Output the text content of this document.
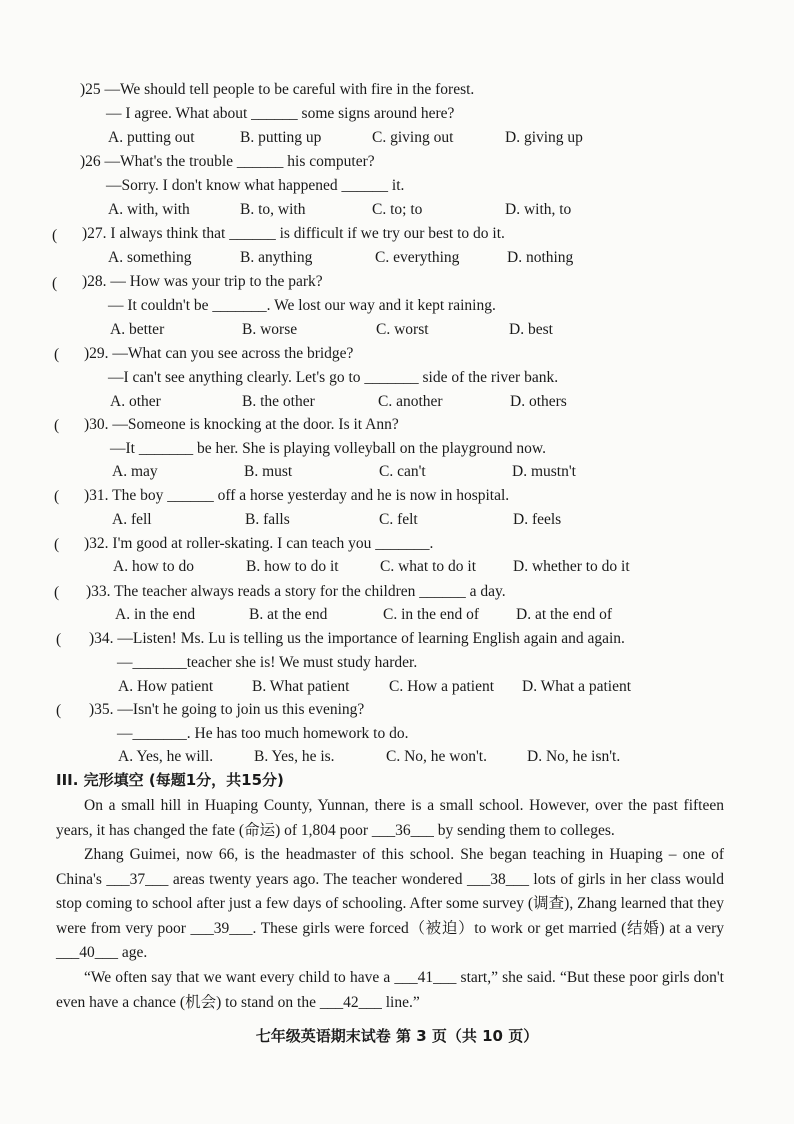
)25 —We should tell people to be careful with fire in the forest.
— I agree. What about ______ some signs around here?
A. putting out	B. putting up	C. giving out	D. giving up
)26 —What's the trouble ______ his computer?
—Sorry. I don't know what happened ______ it.
A. with, with	B. to, with	C. to; to	D. with, to
( )27. I always think that ______ is difficult if we try our best to do it.
A. something	B. anything	C. everything	D. nothing
( )28. — How was your trip to the park?
— It couldn't be _______. We lost our way and it kept raining.
A. better	B. worse	C. worst	D. best
( )29. —What can you see across the bridge?
—I can't see anything clearly. Let's go to _______ side of the river bank.
A. other	B. the other	C. another	D. others
( )30. —Someone is knocking at the door. Is it Ann?
—It _______ be her. She is playing volleyball on the playground now.
A. may	B. must	C. can't	D. mustn't
( )31. The boy ______ off a horse yesterday and he is now in hospital.
A. fell	B. falls	C. felt	D. feels
( )32. I'm good at roller-skating. I can teach you _______.
A. how to do	B. how to do it	C. what to do it D. whether to do it
( )33. The teacher always reads a story for the children ______ a day.
A. in the end	B. at the end	C. in the end of D. at the end of
( )34. —Listen! Ms. Lu is telling us the importance of learning English again and again.
—_______teacher she is! We must study harder.
A. How patient	B. What patient	C. How a patient D. What a patient
( )35. —Isn't he going to join us this evening?
—_______. He has too much homework to do.
A. Yes, he will.	B. Yes, he is.	C. No, he won't.	D. No, he isn't.
III. 完形填空 (每题1分，共15分)
On a small hill in Huaping County, Yunnan, there is a small school. However, over the past fifteen years, it has changed the fate (命运) of 1,804 poor ___36___ by sending them to colleges.
Zhang Guimei, now 66, is the headmaster of this school. She began teaching in Huaping – one of China's ___37___ areas twenty years ago. The teacher wondered ___38___ lots of girls in her class would stop coming to school after just a few days of schooling. After some survey (调查), Zhang learned that they were from very poor ___39___. These girls were forced（被迫）to work or get married (结婚) at a very ___40___ age.
“We often say that we want every child to have a ___41___ start,” she said. “But these poor girls don't even have a chance (机会) to stand on the ___42___ line.”
七年级英语期末试卷 第 3 页（共 10 页）
